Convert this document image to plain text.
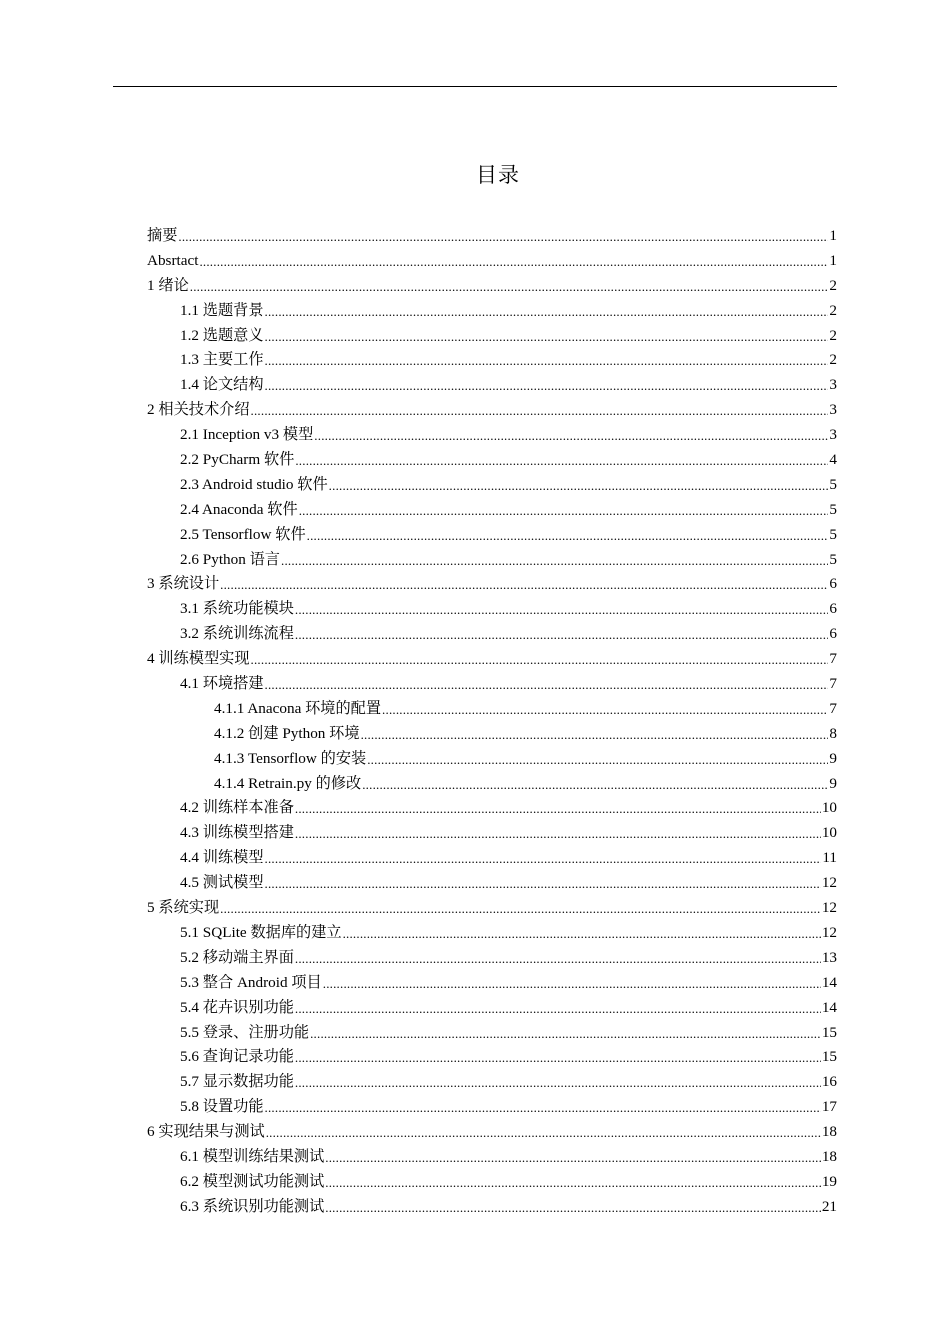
目录
摘要 .....	1
Absrtact .....	1
1 绪论 .....	2
1.1 选题背景 .....	2
1.2 选题意义 .....	2
1.3 主要工作 .....	2
1.4 论文结构 .....	3
2 相关技术介绍 .....	3
2.1 Inception v3 模型 .....	3
2.2 PyCharm 软件 .....	4
2.3 Android studio 软件 .....	5
2.4 Anaconda 软件 .....	5
2.5 Tensorflow 软件 .....	5
2.6 Python 语言 .....	5
3 系统设计 .....	6
3.1 系统功能模块 .....	6
3.2 系统训练流程 .....	6
4 训练模型实现 .....	7
4.1 环境搭建 .....	7
4.1.1 Anacona 环境的配置 .....	7
4.1.2 创建 Python 环境 .....	8
4.1.3 Tensorflow 的安装 .....	9
4.1.4 Retrain.py 的修改 .....	9
4.2 训练样本准备 .....	10
4.3 训练模型搭建 .....	10
4.4 训练模型 .....	11
4.5 测试模型 .....	12
5 系统实现 .....	12
5.1 SQLite 数据库的建立 .....	12
5.2 移动端主界面 .....	13
5.3 整合 Android 项目 .....	14
5.4 花卉识别功能 .....	14
5.5 登录、注册功能 .....	15
5.6 查询记录功能 .....	15
5.7 显示数据功能 .....	16
5.8 设置功能 .....	17
6 实现结果与测试 .....	18
6.1 模型训练结果测试 .....	18
6.2 模型测试功能测试 .....	19
6.3 系统识别功能测试 .....	21
